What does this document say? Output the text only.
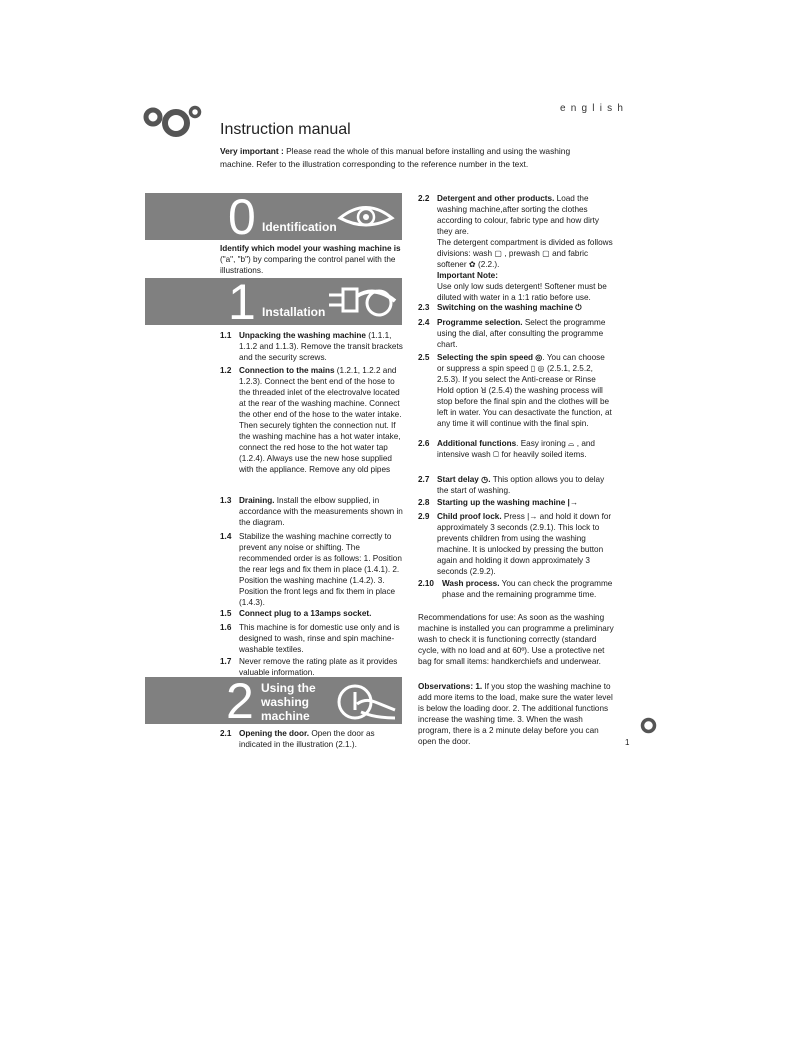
english
Instruction manual
Very important : Please read the whole of this manual before installing and using the washing machine. Refer to the illustration corresponding to the reference number in the text.
0 Identification
Identify which model your washing machine is ("a", "b") by comparing the control panel with the illustrations.
1 Installation
1.1 Unpacking the washing machine (1.1.1, 1.1.2 and 1.1.3). Remove the transit brackets and the security screws.
1.2 Connection to the mains (1.2.1, 1.2.2 and 1.2.3). Connect the bent end of the hose to the threaded inlet of the electrovalve located at the rear of the washing machine. Connect the other end of the hose to the water intake. Then securely tighten the connection nut. If the washing machine has a hot water intake, connect the red hose to the hot water tap (1.2.4). Always use the new hose supplied with the appliance. Remove any old pipes
1.3 Draining. Install the elbow supplied, in accordance with the measurements shown in the diagram.
1.4 Stabilize the washing machine correctly to prevent any noise or shifting. The recommended order is as follows: 1. Position the rear legs and fix them in place (1.4.1). 2. Position the washing machine (1.4.2). 3. Position the front legs and fix them in place (1.4.3).
1.5 Connect plug to a 13amps socket.
1.6 This machine is for domestic use only and is designed to wash, rinse and spin machine-washable textiles.
1.7 Never remove the rating plate as it provides valuable information.
2 Using the
washing
machine
2.1 Opening the door. Open the door as indicated in the illustration (2.1.).
2.2 Detergent and other products. Load the washing machine,after sorting the clothes according to colour, fabric type and how dirty they are.
The detergent compartment is divided as follows divisions: wash ▢ , prewash ▢ and fabric softener ✿ (2.2.).
Important Note:
Use only low suds detergent! Softener must be diluted with water in a 1:1 ratio before use.
2.3 Switching on the washing machine ⏻
2.4 Programme selection. Select the programme using the dial, after consulting the programme chart.
2.5 Selecting the spin speed ◎. You can choose or suppress a spin speed ▯ ◎ (2.5.1, 2.5.2, 2.5.3). If you select the Anti-crease or Rinse Hold option ꓤ (2.5.4) the washing process will stop before the final spin and the clothes will be left in water. You can desactivate the function, at any time it will continue with the final spin.
2.6 Additional functions. Easy ironing ⌓ , and intensive wash ▢ for heavily soiled items.
2.7 Start delay ◷. This option allows you to delay the start of washing.
2.8 Starting up the washing machine |→
2.9 Child proof lock. Press |→ and hold it down for approximately 3 seconds (2.9.1). This lock to prevents children from using the washing machine. It is unlocked by pressing the button again and holding it down approximately 3 seconds (2.9.2).
2.10 Wash process. You can check the programme phase and the remaining programme time.
Recommendations for use: As soon as the washing machine is installed you can programme a preliminary wash to check it is functioning correctly (standard cycle, with no load and at 60º). Use a protective net bag for small items: handkerchiefs and underwear.
Observations: 1. If you stop the washing machine to add more items to the load, make sure the water level is below the loading door. 2. The additional functions increase the washing time. 3. When the wash program, there is a 2 minute delay before you can open the door.	1
